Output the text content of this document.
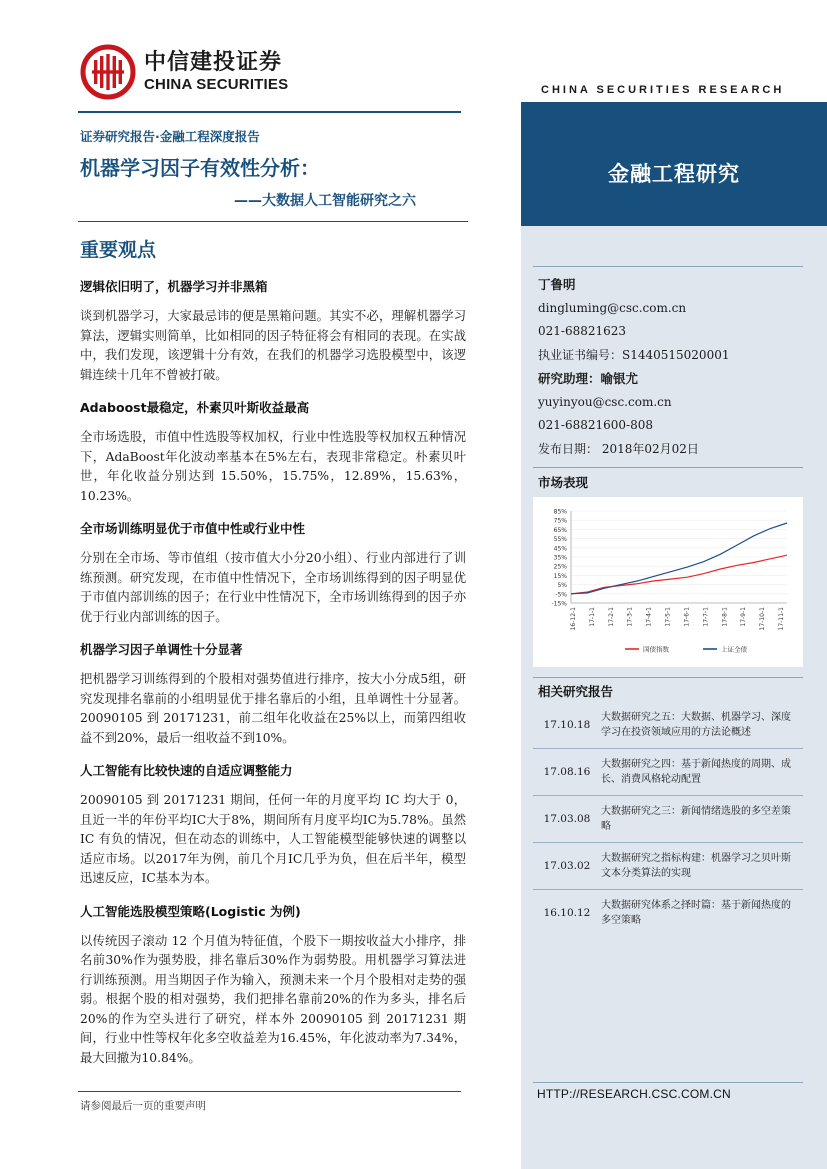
中信建投证券
CHINA SECURITIES	CHINA SECURITIES RESEARCH
金融工程研究
证券研究报告·金融工程深度报告
机器学习因子有效性分析：
——大数据人工智能研究之六
重要观点
逻辑依旧明了，机器学习并非黑箱
谈到机器学习，大家最忌讳的便是黑箱问题。其实不必，理解机器学习算法，逻辑实则简单，比如相同的因子特征将会有相同的表现。在实战中，我们发现，该逻辑十分有效，在我们的机器学习选股模型中，该逻辑连续十几年不曾被打破。
Adaboost最稳定，朴素贝叶斯收益最高
全市场选股，市值中性选股等权加权，行业中性选股等权加权五种情况下，AdaBoost年化波动率基本在5%左右，表现非常稳定。朴素贝叶世，年化收益分别达到 15.50%，15.75%，12.89%，15.63%，10.23%。
全市场训练明显优于市值中性或行业中性
分别在全市场、等市值组（按市值大小分20小组）、行业内部进行了训练预测。研究发现，在市值中性情况下，全市场训练得到的因子明显优于市值内部训练的因子；在行业中性情况下，全市场训练得到的因子亦优于行业内部训练的因子。
机器学习因子单调性十分显著
把机器学习训练得到的个股相对强势值进行排序，按大小分成5组，研究发现排名靠前的小组明显优于排名靠后的小组，且单调性十分显著。20090105 到 20171231，前二组年化收益在25%以上，而第四组收益不到20%，最后一组收益不到10%。
人工智能有比较快速的自适应调整能力
20090105 到 20171231 期间，任何一年的月度平均 IC 均大于 0，且近一半的年份平均IC大于8%，期间所有月度平均IC为5.78%。虽然 IC 有负的情况，但在动态的训练中，人工智能模型能够快速的调整以适应市场。以2017年为例，前几个月IC几乎为负，但在后半年，模型迅速反应，IC基本为本。
人工智能选股模型策略(Logistic 为例)
以传统因子滚动 12 个月值为特征值，个股下一期按收益大小排序，排名前30%作为强势股，排名靠后30%作为弱势股。用机器学习算法进行训练预测。用当期因子作为输入，预测未来一个月个股相对走势的强弱。根据个股的相对强势，我们把排名靠前20%的作为多头，排名后 20%的作为空头进行了研究，样本外 20090105 到 20171231 期间，行业中性等权年化多空收益差为16.45%，年化波动率为7.34%，最大回撤为10.84%。
丁鲁明
dingluming@csc.com.cn
021-68821623
执业证书编号：S1440515020001
研究助理：喻银尤
yuyinyou@csc.com.cn
021-68821600-808
发布日期： 2018年02月02日
市场表现
85%
75%
65%
55%
45%
35%
25%
15%
5%
-5%
-15%
16-12-1 17-1-1 17-2-1 17-3-1 17-4-1 17-5-1 17-6-1 17-7-1 17-8-1 17-9-1 17-10-1 17-11-1
国债指数	上证全债
相关研究报告
17.10.18
大数据研究之五：大数据、机器学习、深度学习在投资领域应用的方法论概述
17.08.16
大数据研究之四：基于新闻热度的周期、成长、消费风格轮动配置
17.03.08
大数据研究之三：新闻情绪选股的多空差策略
17.03.02
大数据研究之指标构建：机器学习之贝叶斯文本分类算法的实现
16.10.12
大数据研究体系之择时篇：基于新闻热度的多空策略
HTTP://RESEARCH.CSC.COM.CN
请参阅最后一页的重要声明
